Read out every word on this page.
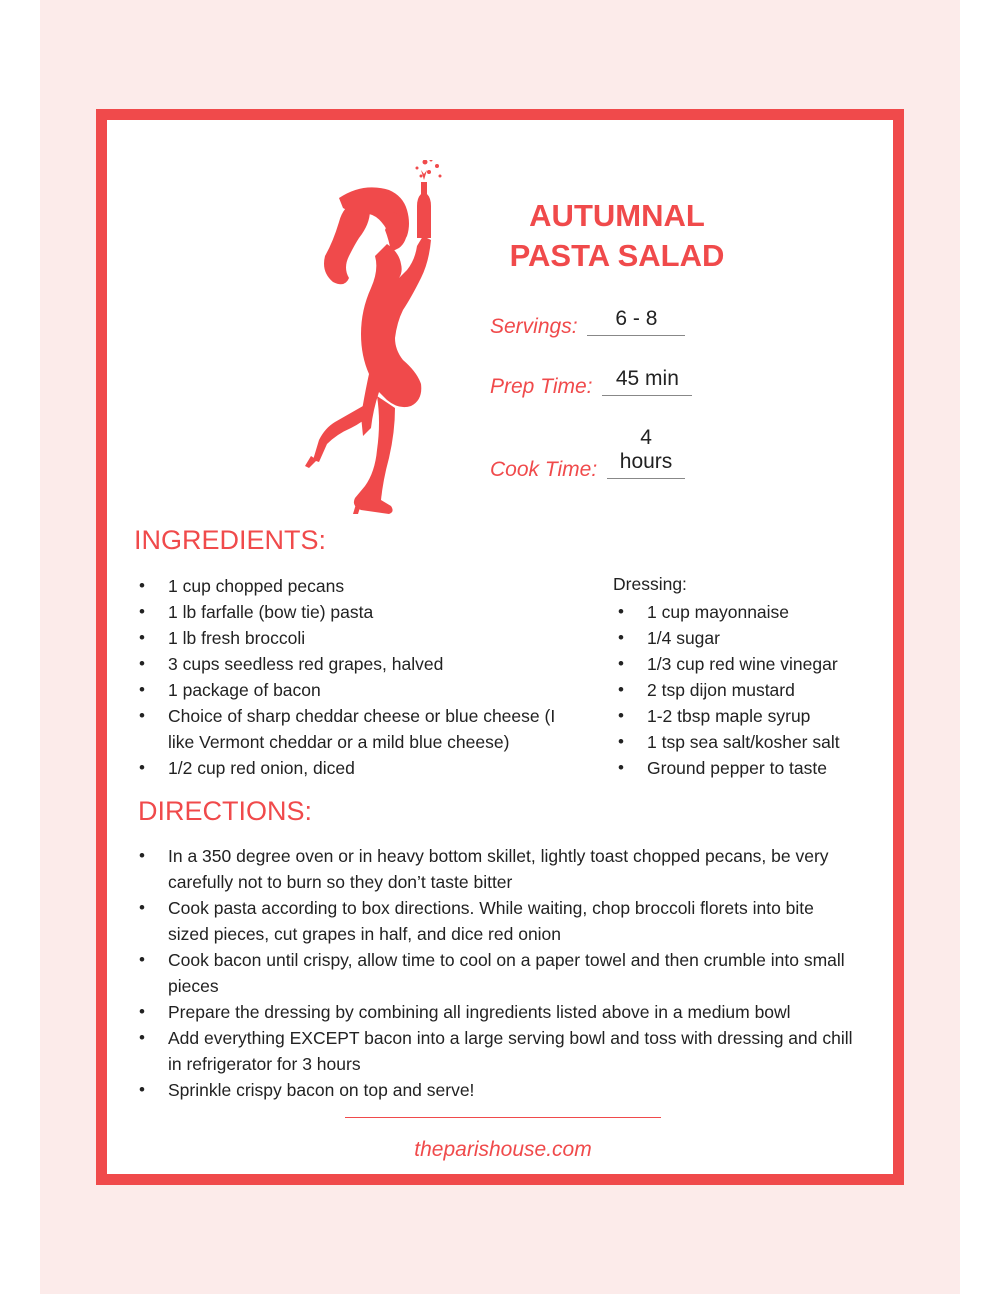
AUTUMNAL
PASTA SALAD
Servings: 6 - 8
Prep Time: 45 min
Cook Time: 4 hours
INGREDIENTS:
• 1 cup chopped pecans
• 1 lb farfalle (bow tie) pasta
• 1 lb fresh broccoli
• 3 cups seedless red grapes, halved
• 1 package of bacon
• Choice of sharp cheddar cheese or blue cheese (I like Vermont cheddar or a mild blue cheese)
• 1/2 cup red onion, diced
Dressing:
• 1 cup mayonnaise
• 1/4 sugar
• 1/3 cup red wine vinegar
• 2 tsp dijon mustard
• 1-2 tbsp maple syrup
• 1 tsp sea salt/kosher salt
• Ground pepper to taste
DIRECTIONS:
• In a 350 degree oven or in heavy bottom skillet, lightly toast chopped pecans, be very carefully not to burn so they don’t taste bitter
• Cook pasta according to box directions. While waiting, chop broccoli florets into bite sized pieces, cut grapes in half, and dice red onion
• Cook bacon until crispy, allow time to cool on a paper towel and then crumble into small pieces
• Prepare the dressing by combining all ingredients listed above in a medium bowl
• Add everything EXCEPT bacon into a large serving bowl and toss with dressing and chill in refrigerator for 3 hours
• Sprinkle crispy bacon on top and serve!
theparishouse.com
